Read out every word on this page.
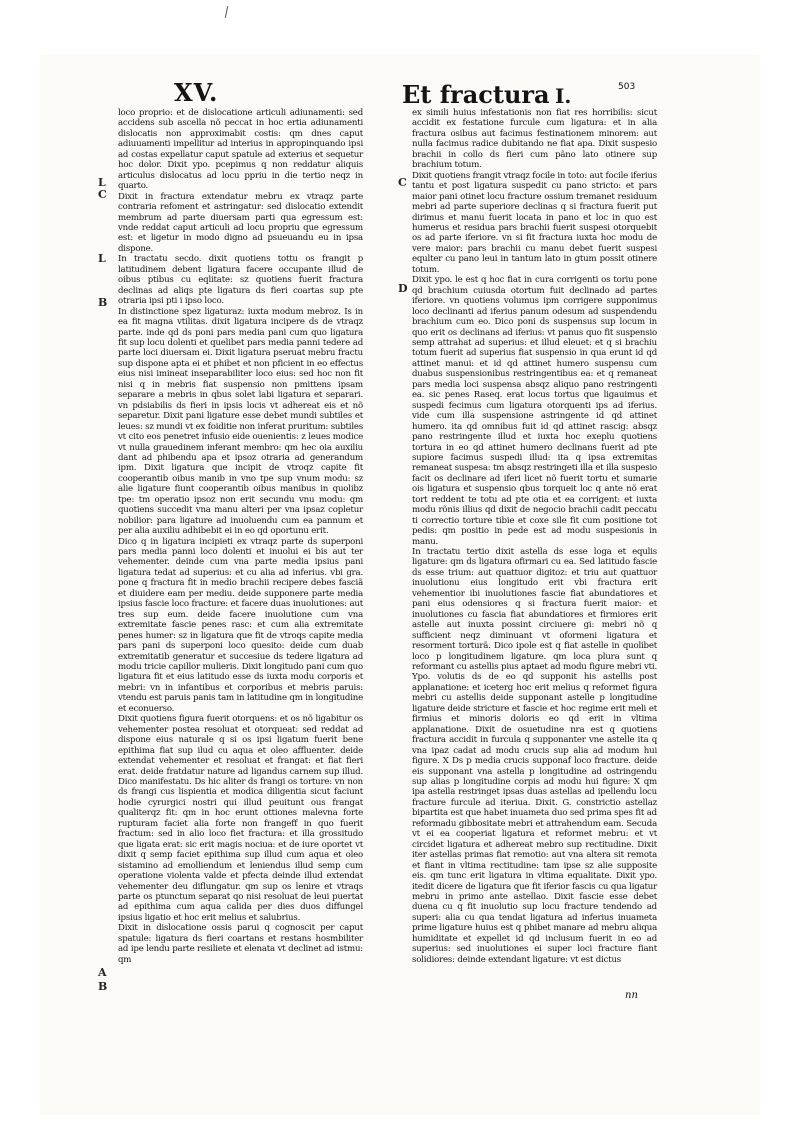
XV.	Et fractura I.	503
L
C
L
B
C
D
A
B

loco proprio: et de dislocatione articuli adiunamenti: sed accidens sub ascella nõ peccat in hoc ertia adiunamenti dislocatis non approximabit costis: qm dnes caput adiuuamenti impellitur ad interius in appropinquando ipsi ad costas expellatur caput spatule ad exterius et sequetur hoc dolor. Dixit ypo. pcepimus q non reddatur aliquis articulus dislocatus ad locu ppriu in die tertio neqz in quarto.

Dixit in fractura extendatur mebru ex vtraqz parte contraria refoment et astringatur: sed dislocatio extendit membrum ad parte diuersam parti qua egressum est: vnde reddat caput articuli ad locu propriu que egressum est: et ligetur in modo digno ad psueuandu eu in ipsa dispone.

In tractatu secdo. dixit quotiens tottu os frangit p latitudinem debent ligatura facere occupante illud de oibus ptibus cu eqlitate: sz quotiens fuerit fractura declinas ad aliqs pte ligatura ds fieri coartas sup pte otraria ipsi pti i ipso loco.

In distinctione spez ligaturaz: iuxta modum mebroz. Is in ea fit magna vtilitas. dixit ligatura incipere ds de vtraqz parte. inde qd ds poni pars media pani cum quo ligatura fit sup locu dolenti et quelibet pars media panni tedere ad parte loci diuersam ei. Dixit ligatura pseruat mebru fractu sup dispone apta ei et phibet et non pficient in eo effectus eius nisi imineat inseparabiliter loco eius: sed hoc non fit nisi q in mebris fiat suspensio non pmittens ipsam separare a mebris in qbus solet labi ligatura et separari. vn pdsiabilis ds fieri in ipsis locis vt adhereat eis et nõ separetur. Dixit pani ligature esse debet mundi subtiles et leues: sz mundi vt ex foiditie non inferat pruritum: subtiles vt cito eos penetret infusio eide ouenientis: z leues modice vt nulla grauedinem inferant membro: qm hec oia auxiliu dant ad phibendu apa et ipsoz otraria ad generandum ipm. Dixit ligatura que incipit de vtroqz capite fit cooperantib oibus manib in vno tpe sup vnum modu: sz alie ligature fiunt cooperantib oibus manibus in quolibz tpe: tm operatio ipsoz non erit secundu vnu modu: qm quotiens succedit vna manu alteri per vna ipsaz copletur nobilior: para ligature ad inuoluendu cum ea pannum et per alia auxiliu adhibebit ei in eo qd oportunu erit.

Dico q in ligatura incipieti ex vtraqz parte ds superponi pars media panni loco dolenti et inuolui ei bis aut ter vehementer. deinde cum vna parte media ipsius pani ligatura tedat ad superius: et cu alia ad inferius. vbi gra. pone q fractura fit in medio brachii recipere debes fasciã et diuidere eam per mediu. deide supponere parte media ipsius fascie loco fracture: et facere duas inuolutiones: aut tres sup eum. deide facere inuolutione cum vna extremitate fascie penes rasc: et cum alia extremitate penes humer: sz in ligatura que fit de vtroqs capite media pars pani ds superponi loco quesito: deide cum duab extremitatib generatur et succesiue ds tedere ligatura ad modu tricie capillor mulieris. Dixit longitudo pani cum quo ligatura fit et eius latitudo esse ds iuxta modu corporis et mebri: vn in infantibus et corporibus et mebris paruis: vtendu est paruis panis tam in latitudine qm in longitudine et econuerso.

Dixit quotiens figura fuerit otorquens: et os nõ ligabitur os vehementer postea resoluat et otorqueat: sed reddat ad dispone eius naturale q si os ipsi ligatum fuerit bene epithima fiat sup ilud cu aqua et oleo affluenter. deide extendat vehementer et resoluat et frangat: et fiat fieri erat. deide fratdatur nature ad ligandus carnem sup illud. Dico manifestatu. Ds hic aliter ds frangi os torture: vn non ds frangi cus lispientia et modica diligentia sicut faciunt hodie cyrurgici nostri qui illud peuitunt ous frangat qualiterqz fit: qm in hoc erunt ottiones malevna forte rupturam faciet alia forte non frangeff in quo fuerit fractum: sed in alio loco fiet fractura: et illa grossitudo que ligata erat: sic erit magis nociua: et de iure oportet vt dixit q semp faciet epithima sup illud cum aqua et oleo sistamino ad emolliendum et leniendus illud semp cum operatione violenta valde et pfecta deinde illud extendat vehementer deu diflungatur. qm sup os lenire et vtraqs parte os ptunctum separat qo nisi resoluat de leui puertat ad epithima cum aqua calida per dies duos diffungel ipsius ligatio et hoc erit melius et salubrius.

Dixit in dislocatione ossis parui q cognoscit per caput spatule: ligatura ds fieri coartans et restans hosmbiliter ad ipe lendu parte resiliete et elenata vt declinet ad istmu: qm

ex simili huius infestationis non fiat res horribilis: sicut accidit ex festatione furcule cum ligatura: et in alia fractura osibus aut facimus festinationem minorem: aut nulla facimus radice dubitando ne fiat apa. Dixit suspesio brachii in collo ds fieri cum pãno lato otinere sup brachium totum.

Dixit quotiens frangit vtraqz focile in toto: aut focile iferius tantu et post ligatura suspedit cu pano stricto: et pars maior pani otinet locu fracture ossium tremanet residuum mebri ad parte superiore declinas q si fractura fuerit put dirimus et manu fuerit locata in pano et loc in quo est humerus et residua pars brachii fuerit suspesi otorquebit os ad parte iferiore. vn si fit fractura iuxta hoc modu de vere maior: pars brachii cu manu debet fuerit suspesi equlter cu pano leui in tantum lato in gtum possit otinere totum.

Dixit ypo. le est q hoc fiat in cura corrigenti os toriu pone qd brachium cuiusda otortum fuit declinado ad partes iferiore. vn quotiens volumus ipm corrigere supponimus loco declinanti ad iferius panum odesum ad suspendendu brachium cum eo. Dico poni ds suspensus sup locum in quo erit os declinans ad iferius: vt panus quo fit suspensio semp attrahat ad superius: et illud eleuet: et q si brachiu totum fuerit ad superius fiat suspensio in qua erunt id qd attinet manui: et id qd attinet humero suspensu cum duabus suspensionibus restringentibus ea: et q remaneat pars media loci suspensa absqz aliquo pano restringenti ea. sic penes Raseq. erat locus tortus que ligauimus et suspedi fecimus cum ligatura otorquenti ips ad iferius. vide cum illa suspensione astringente id qd attinet humero. ita qd omnibus fuit id qd attinet rascig: absqz pano restringente illud et iuxta hoc exeplu quotiens tortura in eo qd attinet humero declinans fuerit ad pte supiore facimus suspedi illud: ita q ipsa extremitas remaneat suspesa: tm absqz restringeti illa et illa suspesio facit os declinare ad iferi licet nõ fuerit tortu et sumarie ois ligatura et suspensio qbus torqueit loc q ante nõ erat tort reddent te totu ad pte otia et ea corrigent: et iuxta modu rõnis illius qd dixit de negocio brachii cadit peccatu ti correctio torture tibie et coxe sile fit cum positione tot pedis: qm positio in pede est ad modu suspesionis in manu.

In tractatu tertio dixit astella ds esse loga et equlis ligature: qm ds ligatura ofirmari cu ea. Sed latitudo fascie ds esse trium: aut quattuor digitoz: et triu aut quattuor inuolutionu eius longitudo erit vbi fractura erit vehementior ibi inuolutiones fascie fiat abundatiores et pani eius odensiores q si fractura fuerit maior: et inuolutiones cu fascia fiat abundatiores et firmiores erit astelle aut inuxta possint circiuere gi: mebri nõ q sufficient neqz diminuant vt oformeni ligatura et resorment torturã. Dico ipole est q fiat astelle in quolibet loco p longitudinem ligature. qm loca plura sunt q reformant cu astellis pius aptaet ad modu figure mebri vti. Ypo. volutis ds de eo qd supponit his astellis post applanatione: et iceterg hoc erit melius q reformet figura mebri cu astellis deide supponant astelle p longitudine ligature deide stricture et fascie et hoc regime erit meli et firmius et minoris doloris eo qd erit in vltima applanatione. Dixit de osuetudine nra est q quotiens fractura accidit in furcula q supponanter vne astelle ita q vna ipaz cadat ad modu crucis sup alia ad modum hui figure. X Ds p media crucis supponaf loco fracture. deide eis supponant vna astella p longitudine ad ostringendu sup alias p longitudine corpis ad modu hui figure: X qm ipa astella restringet ipsas duas astellas ad ipellendu locu fracture furcule ad iteriua. Dixit. G. constrictio astellaz bipartita est que habet inuameta duo sed prima spes fit ad reformadu gibbositate mebri et attrahendum eam. Secuda vt ei ea cooperiat ligatura et reformet mebru: et vt circidet ligatura et adhereat mebro sup rectitudine. Dixit iter astellas primas fiat remotio: aut vna altera sit remota et fiant in vltima rectitudine: tam ipse sz alie supposite eis. qm tunc erit ligatura in vltima equalitate. Dixit ypo. itedit dicere de ligatura que fit iferior fascis cu qua ligatur mebru in primo ante astellao. Dixit fascie esse debet duena cu q fit inuolutio sup locu fracture tendendo ad superi: alia cu qua tendat ligatura ad inferius inuameta prime ligature huius est q phibet manare ad mebru aliqua humiditate et expellet id qd inclusum fuerit in eo ad superius: sed inuolutiones ei super loci fracture fiant solidiores: deinde extendant ligature: vt est dictus

nn
